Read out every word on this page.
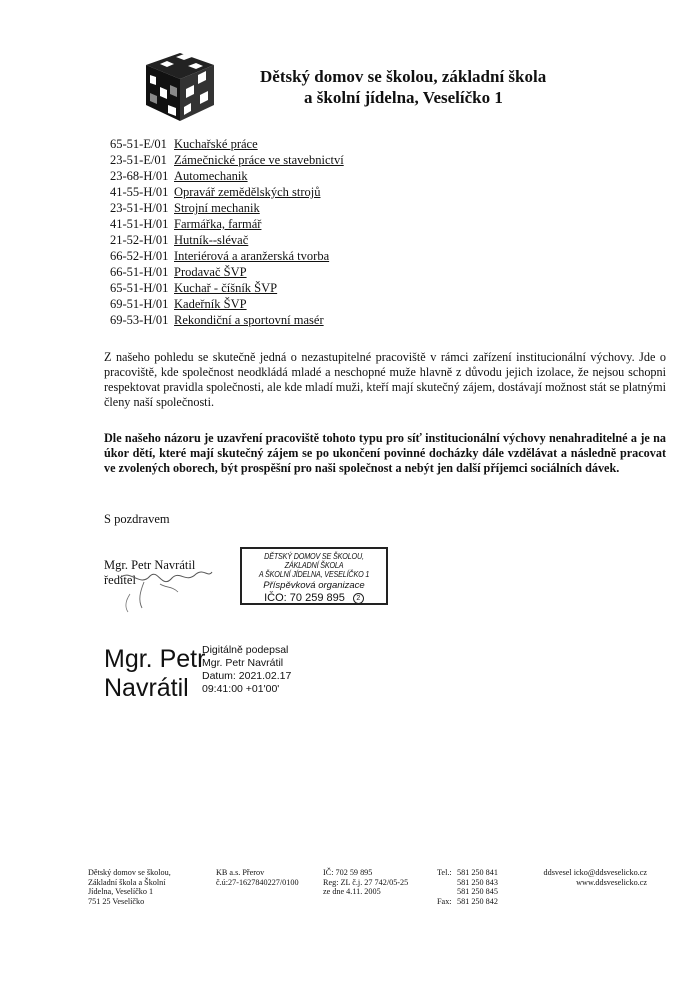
Dětský domov se školou, základní škola
a školní jídelna, Veselíčko 1
65-51-E/01 Kuchařské práce
23-51-E/01 Zámečnické práce ve stavebnictví
23-68-H/01 Automechanik
41-55-H/01 Opravář zemědělských strojů
23-51-H/01 Strojní mechanik
41-51-H/01 Farmářka, farmář
21-52-H/01 Hutník--slévač
66-52-H/01 Interiérová a aranžerská tvorba
66-51-H/01 Prodavač ŠVP
65-51-H/01 Kuchař - číšník ŠVP
69-51-H/01 Kadeřník ŠVP
69-53-H/01 Rekondiční a sportovní masér
Z našeho pohledu se skutečně jedná o nezastupitelné pracoviště v rámci zařízení institucionální výchovy. Jde o pracoviště, kde společnost neodkládá mladé a neschopné muže hlavně z důvodu jejich izolace, že nejsou schopni respektovat pravidla společnosti, ale kde mladí muži, kteří mají skutečný zájem, dostávají možnost stát se platnými členy naší společnosti.
Dle našeho názoru je uzavření pracoviště tohoto typu pro síť institucionální výchovy nenahraditelné a je na úkor dětí, které mají skutečný zájem se po ukončení povinné docházky dále vzdělávat a následně pracovat ve zvolených oborech, být prospěšní pro naši společnost a nebýt jen další příjemci sociálních dávek.
S pozdravem
Mgr. Petr Navrátil
ředitel
DĚTSKÝ DOMOV SE ŠKOLOU, ZÁKLADNÍ ŠKOLA
A ŠKOLNÍ JÍDELNA, VESELÍČKO 1
Příspěvková organizace
IČO: 70 259 895 2
Mgr. Petr
Navrátil
Digitálně podepsal
Mgr. Petr Navrátil
Datum: 2021.02.17
09:41:00 +01'00'
Dětský domov se školou,
Základní škola a Školní
Jídelna, Veselíčko 1
751 25 Veselíčko
KB a.s. Přerov
č.ú:27-1627840227/0100
IČ: 702 59 895
Reg: ZL č.j. 27 742/05-25
ze dne 4.11. 2005
Tel.:

Fax:
581 250 841
581 250 843
581 250 845
581 250 842
ddsvesel icko@ddsveselicko.cz
www.ddsveselicko.cz
